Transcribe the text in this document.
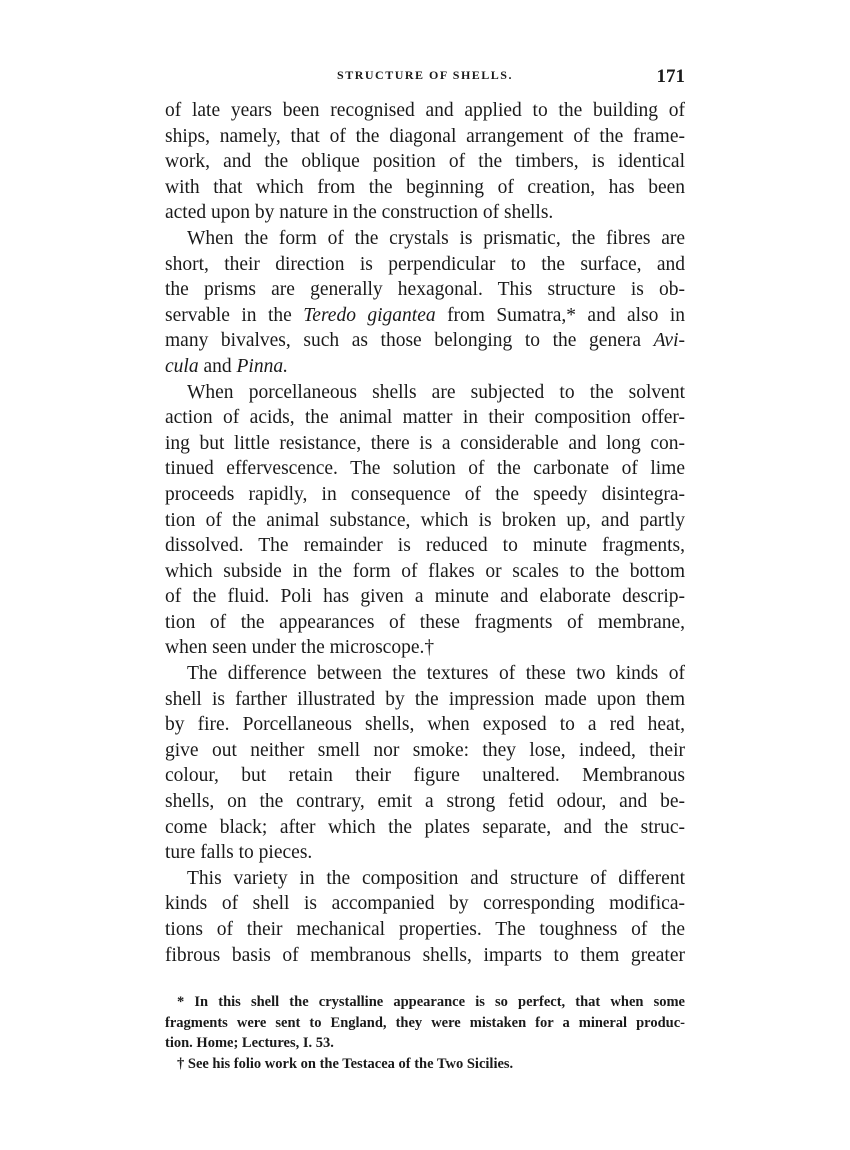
STRUCTURE OF SHELLS.	171
of late years been recognised and applied to the building of
ships, namely, that of the diagonal arrangement of the frame-
work, and the oblique position of the timbers, is identical
with that which from the beginning of creation, has been
acted upon by nature in the construction of shells.
When the form of the crystals is prismatic, the fibres are
short, their direction is perpendicular to the surface, and
the prisms are generally hexagonal. This structure is ob-
servable in the Teredo gigantea from Sumatra,* and also in
many bivalves, such as those belonging to the genera Avi-
cula and Pinna.
When porcellaneous shells are subjected to the solvent
action of acids, the animal matter in their composition offer-
ing but little resistance, there is a considerable and long con-
tinued effervescence. The solution of the carbonate of lime
proceeds rapidly, in consequence of the speedy disintegra-
tion of the animal substance, which is broken up, and partly
dissolved. The remainder is reduced to minute fragments,
which subside in the form of flakes or scales to the bottom
of the fluid. Poli has given a minute and elaborate descrip-
tion of the appearances of these fragments of membrane,
when seen under the microscope.†
The difference between the textures of these two kinds of
shell is farther illustrated by the impression made upon them
by fire. Porcellaneous shells, when exposed to a red heat,
give out neither smell nor smoke: they lose, indeed, their
colour, but retain their figure unaltered. Membranous
shells, on the contrary, emit a strong fetid odour, and be-
come black; after which the plates separate, and the struc-
ture falls to pieces.
This variety in the composition and structure of different
kinds of shell is accompanied by corresponding modifica-
tions of their mechanical properties. The toughness of the
fibrous basis of membranous shells, imparts to them greater
* In this shell the crystalline appearance is so perfect, that when some
fragments were sent to England, they were mistaken for a mineral produc-
tion. Home; Lectures, I. 53.
† See his folio work on the Testacea of the Two Sicilies.
